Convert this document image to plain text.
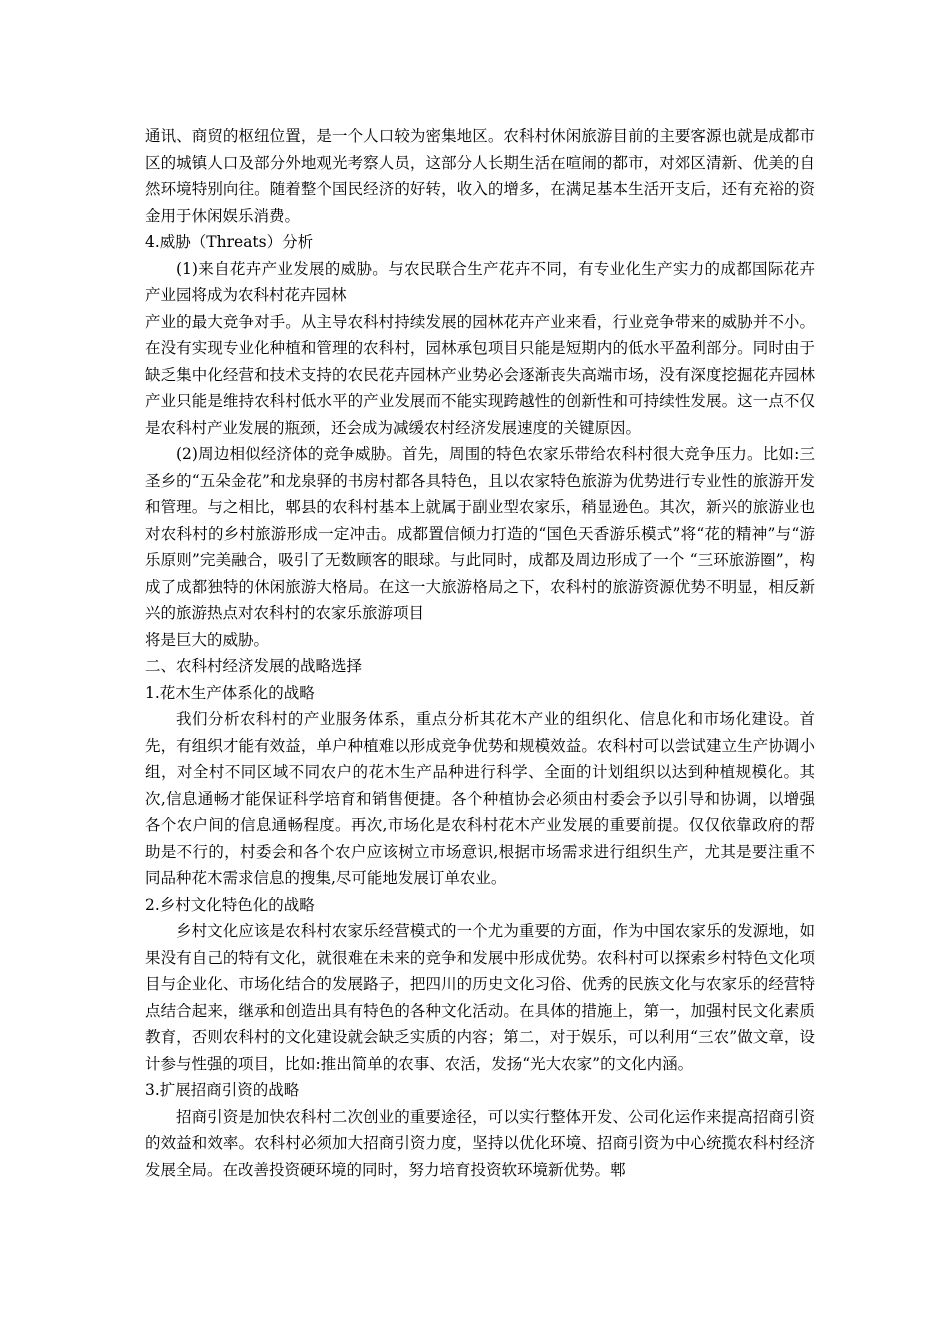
通讯、商贸的枢纽位置，是一个人口较为密集地区。农科村休闲旅游目前的主要客源也就是成都市区的城镇人口及部分外地观光考察人员，这部分人长期生活在喧闹的都市，对郊区清新、优美的自然环境特别向往。随着整个国民经济的好转，收入的增多，在满足基本生活开支后，还有充裕的资金用于休闲娱乐消费。

4.威胁（Threats）分析

(1)来自花卉产业发展的威胁。与农民联合生产花卉不同，有专业化生产实力的成都国际花卉产业园将成为农科村花卉园林

产业的最大竞争对手。从主导农科村持续发展的园林花卉产业来看，行业竞争带来的威胁并不小。在没有实现专业化种植和管理的农科村，园林承包项目只能是短期内的低水平盈利部分。同时由于缺乏集中化经营和技术支持的农民花卉园林产业势必会逐渐丧失高端市场，没有深度挖掘花卉园林产业只能是维持农科村低水平的产业发展而不能实现跨越性的创新性和可持续性发展。这一点不仅是农科村产业发展的瓶颈，还会成为减缓农村经济发展速度的关键原因。

(2)周边相似经济体的竞争威胁。首先，周围的特色农家乐带给农科村很大竞争压力。比如:三圣乡的“五朵金花”和龙泉驿的书房村都各具特色，且以农家特色旅游为优势进行专业性的旅游开发和管理。与之相比，郫县的农科村基本上就属于副业型农家乐，稍显逊色。其次，新兴的旅游业也对农科村的乡村旅游形成一定冲击。成都置信倾力打造的“国色天香游乐模式”将“花的精神”与“游乐原则”完美融合，吸引了无数顾客的眼球。与此同时，成都及周边形成了一个 “三环旅游圈”，构成了成都独特的休闲旅游大格局。在这一大旅游格局之下，农科村的旅游资源优势不明显，相反新兴的旅游热点对农科村的农家乐旅游项目

将是巨大的威胁。

二、农科村经济发展的战略选择

1.花木生产体系化的战略

我们分析农科村的产业服务体系，重点分析其花木产业的组织化、信息化和市场化建设。首先，有组织才能有效益，单户种植难以形成竞争优势和规模效益。农科村可以尝试建立生产协调小组，对全村不同区域不同农户的花木生产品种进行科学、全面的计划组织以达到种植规模化。其次,信息通畅才能保证科学培育和销售便捷。各个种植协会必须由村委会予以引导和协调，以增强各个农户间的信息通畅程度。再次,市场化是农科村花木产业发展的重要前提。仅仅依靠政府的帮助是不行的，村委会和各个农户应该树立市场意识,根据市场需求进行组织生产，尤其是要注重不同品种花木需求信息的搜集,尽可能地发展订单农业。

2.乡村文化特色化的战略

乡村文化应该是农科村农家乐经营模式的一个尤为重要的方面，作为中国农家乐的发源地，如果没有自己的特有文化，就很难在未来的竞争和发展中形成优势。农科村可以探索乡村特色文化项目与企业化、市场化结合的发展路子，把四川的历史文化习俗、优秀的民族文化与农家乐的经营特点结合起来，继承和创造出具有特色的各种文化活动。在具体的措施上，第一，加强村民文化素质教育，否则农科村的文化建设就会缺乏实质的内容；第二，对于娱乐，可以利用“三农”做文章，设计参与性强的项目，比如:推出简单的农事、农活，发扬“光大农家”的文化内涵。

3.扩展招商引资的战略

招商引资是加快农科村二次创业的重要途径，可以实行整体开发、公司化运作来提高招商引资的效益和效率。农科村必须加大招商引资力度，坚持以优化环境、招商引资为中心统揽农科村经济发展全局。在改善投资硬环境的同时，努力培育投资软环境新优势。郫
